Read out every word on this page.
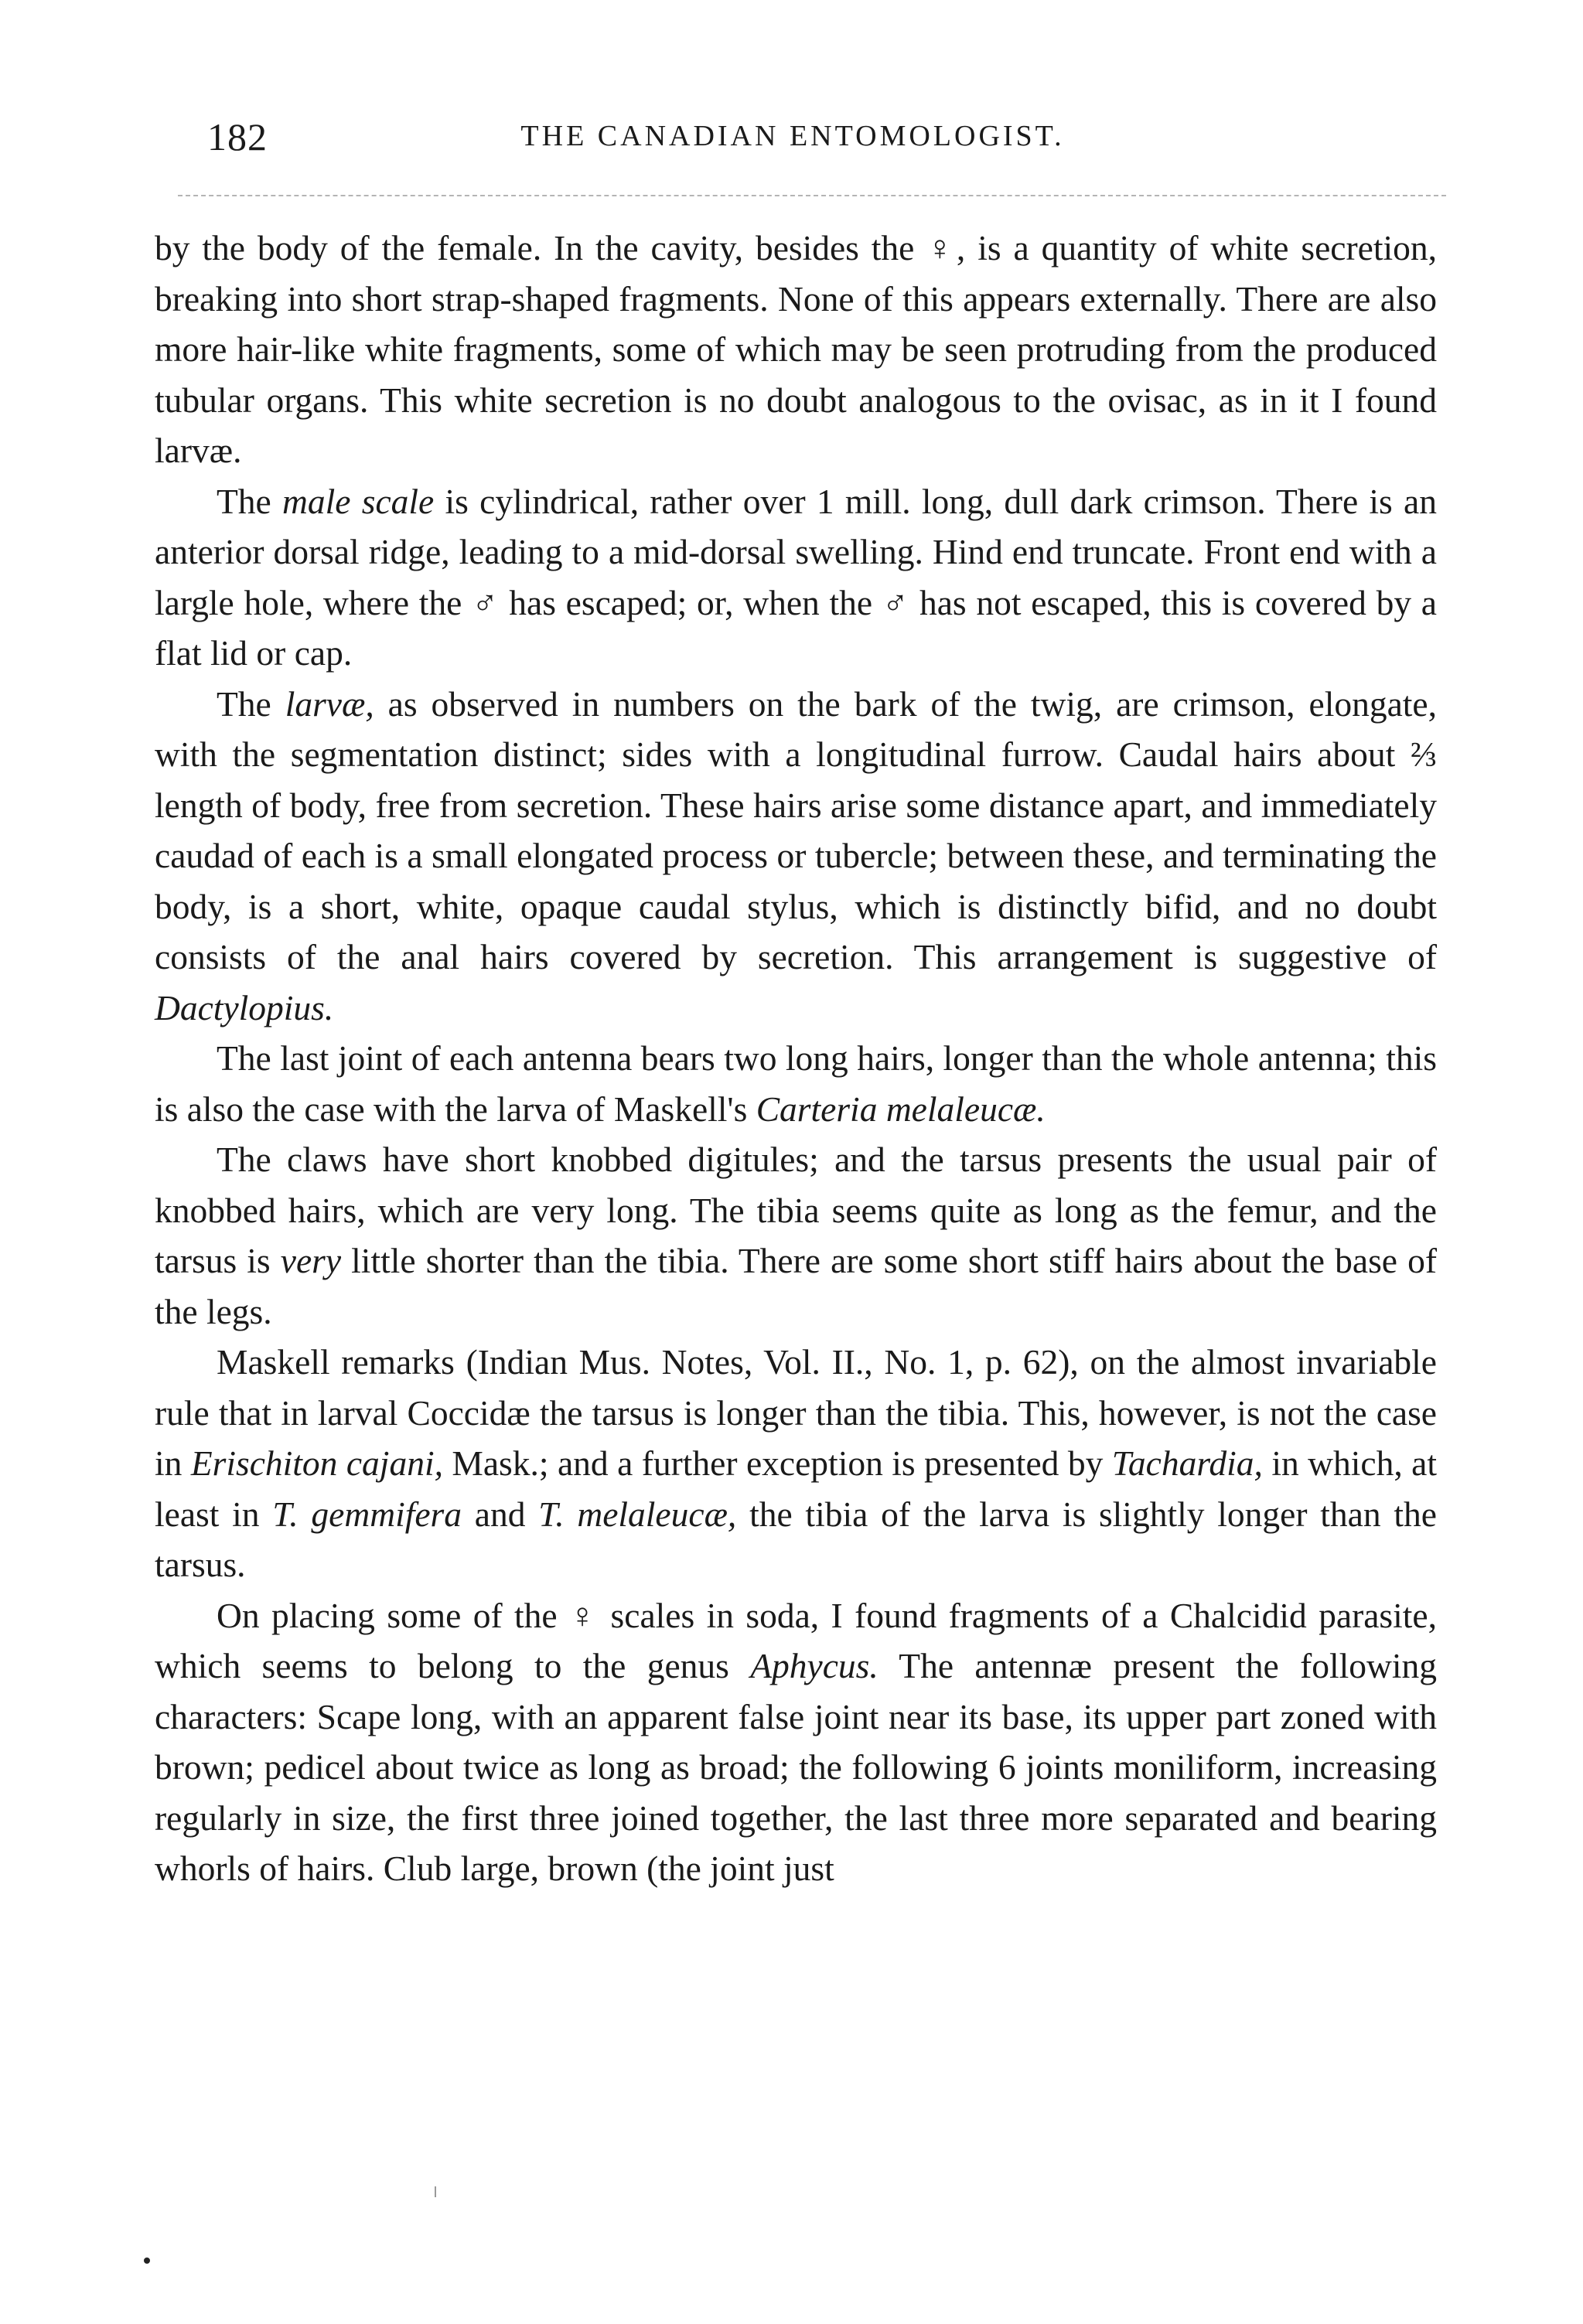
182	THE CANADIAN ENTOMOLOGIST.

by the body of the female. In the cavity, besides the ♀, is a quantity of white secretion, breaking into short strap-shaped fragments. None of this appears externally. There are also more hair-like white fragments, some of which may be seen protruding from the produced tubular organs. This white secretion is no doubt analogous to the ovisac, as in it I found larvæ.

The male scale is cylindrical, rather over 1 mill. long, dull dark crimson. There is an anterior dorsal ridge, leading to a mid-dorsal swelling. Hind end truncate. Front end with a largle hole, where the ♂ has escaped; or, when the ♂ has not escaped, this is covered by a flat lid or cap.

The larvæ, as observed in numbers on the bark of the twig, are crimson, elongate, with the segmentation distinct; sides with a longitudinal furrow. Caudal hairs about ⅔ length of body, free from secretion. These hairs arise some distance apart, and immediately caudad of each is a small elongated process or tubercle; between these, and terminating the body, is a short, white, opaque caudal stylus, which is distinctly bifid, and no doubt consists of the anal hairs covered by secretion. This arrangement is suggestive of Dactylopius.

The last joint of each antenna bears two long hairs, longer than the whole antenna; this is also the case with the larva of Maskell's Carteria melaleucæ.

The claws have short knobbed digitules; and the tarsus presents the usual pair of knobbed hairs, which are very long. The tibia seems quite as long as the femur, and the tarsus is very little shorter than the tibia. There are some short stiff hairs about the base of the legs.

Maskell remarks (Indian Mus. Notes, Vol. II., No. 1, p. 62), on the almost invariable rule that in larval Coccidæ the tarsus is longer than the tibia. This, however, is not the case in Erischiton cajani, Mask.; and a further exception is presented by Tachardia, in which, at least in T. gemmifera and T. melaleucæ, the tibia of the larva is slightly longer than the tarsus.

On placing some of the ♀ scales in soda, I found fragments of a Chalcidid parasite, which seems to belong to the genus Aphycus. The antennæ present the following characters: Scape long, with an apparent false joint near its base, its upper part zoned with brown; pedicel about twice as long as broad; the following 6 joints moniliform, increasing regularly in size, the first three joined together, the last three more separated and bearing whorls of hairs. Club large, brown (the joint just
